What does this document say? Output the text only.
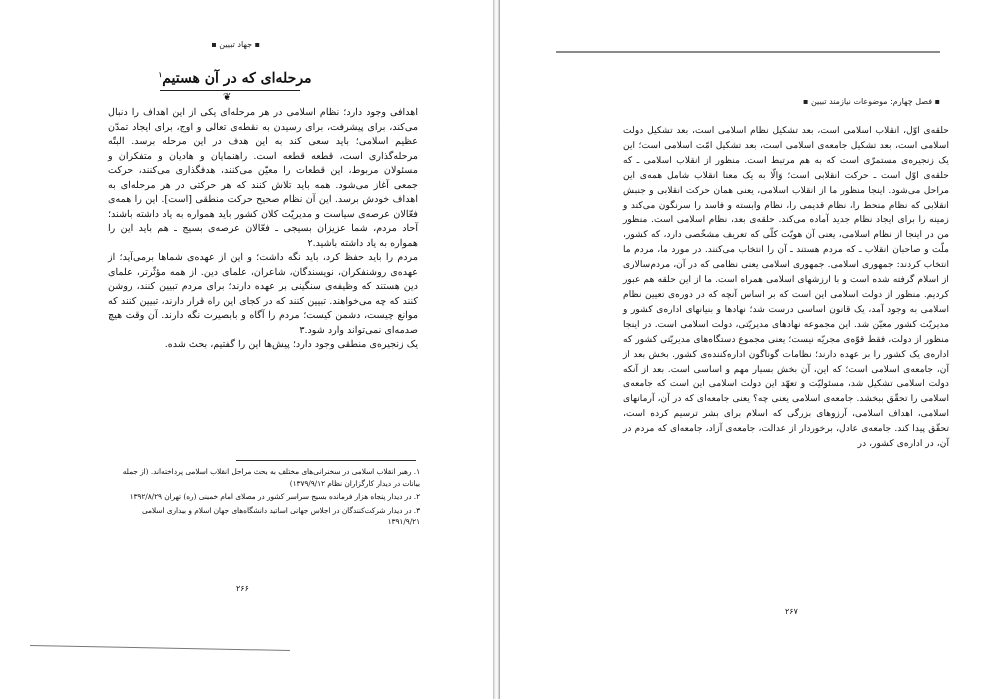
▪ جهاد تبیین ▪
مرحله‌ای که در آن هستیم$^۱$
❦

اهدافی وجود دارد؛ نظام اسلامی در هر مرحله‌ای یکی از این اهداف را دنبال می‌کند، برای پیشرفت، برای رسیدن به نقطه‌ی تعالی و اوج، برای ایجاد تمدّن عظیم اسلامی؛ باید سعی کند به این هدف در این مرحله برسد. البتّه مرحله‌گذاری است، قطعه قطعه است. راهنمایان و هادیان و متفکران و مسئولان مربوط، این قطعات را معیّن می‌کنند، هدفگذاری می‌کنند، حرکت جمعی آغاز می‌شود. همه باید تلاش کنند که هر حرکتی در هر مرحله‌ای به اهداف خودش برسد. این آن نظام صحیح حرکت منطقی [است]. این را همه‌ی فعّالان عرصه‌ی سیاست و مدیریّت کلان کشور باید همواره به یاد داشته باشند؛ آحاد مردم، شما عزیزان بسیجی ـ فعّالان عرصه‌ی بسیج ـ هم باید این را همواره به یاد داشته باشید.۲

مردم را باید حفظ کرد، باید نگه داشت؛ و این از عهده‌ی شماها برمی‌آید؛ از عهده‌ی روشنفکران، نویسندگان، شاعران، علمای دین. از همه مؤثّرتر، علمای دین هستند که وظیفه‌ی سنگینی بر عهده دارند؛ برای مردم تبیین کنند، روشن کنند که چه می‌خواهند. تبیین کنند که در کجای این راه قرار دارند، تبیین کنند که موانع چیست، دشمن کیست؛ مردم را آگاه و بابصیرت نگه دارند. آن وقت هیچ صدمه‌ای نمی‌تواند وارد شود.۳

یک زنجیره‌ی منطقی وجود دارد؛ پیش‌ها این را گفتیم، بحث شده.

۱. رهبر انقلاب اسلامی در سخنرانی‌های مختلف به بحث مراحل انقلاب اسلامی پرداخته‌اند. (از جمله بیانات در دیدار کارگزاران نظام ۱۳۷۹/۹/۱۲)
۲. در دیدار پنجاه هزار فرمانده بسیج سراسر کشور در مصلای امام خمینی (ره) تهران ۱۳۹۲/۸/۲۹
۳. در دیدار شرکت‌کنندگان در اجلاس جهانی اساتید دانشگاه‌های جهان اسلام و بیداری اسلامی ۱۳۹۱/۹/۲۱
۲۶۶
▪ فصل چهارم: موضوعات نیازمند تبیین ▪

حلقه‌ی اوّل، انقلاب اسلامی است، بعد تشکیل نظام اسلامی است، بعد تشکیل دولت اسلامی است، بعد تشکیل جامعه‌ی اسلامی است، بعد تشکیل امّت اسلامی است؛ این یک زنجیره‌ی مستمرّی است که به هم مرتبط است. منظور از انقلاب اسلامی ـ که حلقه‌ی اوّل است ـ حرکت انقلابی است؛ وَالّا به یک معنا انقلاب شامل همه‌ی این مراحل می‌شود. اینجا منظور ما از انقلاب اسلامی، یعنی همان حرکت انقلابی و جنبش انقلابی که نظام منحط را، نظام قدیمی را، نظام وابسته و فاسد را سرنگون می‌کند و زمینه را برای ایجاد نظام جدید آماده می‌کند. حلقه‌ی بعد، نظام اسلامی است. منظور من در اینجا از نظام اسلامی، یعنی آن هویّت کلّی که تعریف مشخّصی دارد، که کشور، ملّت و صاحبان انقلاب ـ که مردم هستند ـ آن را انتخاب می‌کنند. در مورد ما، مردم ما انتخاب کردند: جمهوری اسلامی. جمهوری اسلامی یعنی نظامی که در آن، مردم‌سالاری از اسلام گرفته شده است و با ارزشهای اسلامی همراه است. ما از این حلقه هم عبور کردیم. منظور از دولت اسلامی این است که بر اساس آنچه که در دوره‌ی تعیین نظام اسلامی به وجود آمد، یک قانون اساسی درست شد؛ نهادها و بنیانهای اداره‌ی کشور و مدیریّت کشور معیّن شد. این مجموعه نهادهای مدیریّتی، دولت اسلامی است. در اینجا منظور از دولت، فقط قوّه‌ی مجریّه نیست؛ یعنی مجموع دستگاه‌های مدیریّتی کشور که اداره‌ی یک کشور را بر عهده دارند؛ نظامات گوناگون اداره‌کننده‌ی کشور. بخش بعد از آن، جامعه‌ی اسلامی است؛ که این، آن بخش بسیار مهم و اساسی است. بعد از آنکه دولت اسلامی تشکیل شد، مسئولیّت و تعهّد این دولت اسلامی این است که جامعه‌ی اسلامی را تحقّق ببخشد. جامعه‌ی اسلامی یعنی چه؟ یعنی جامعه‌ای که در آن، آرمانهای اسلامی، اهداف اسلامی، آرزوهای بزرگی که اسلام برای بشر ترسیم کرده است، تحقّق پیدا کند. جامعه‌ی عادل، برخوردار از عدالت، جامعه‌ی آزاد، جامعه‌ای که مردم در آن، در اداره‌ی کشور، در

۲۶۷
